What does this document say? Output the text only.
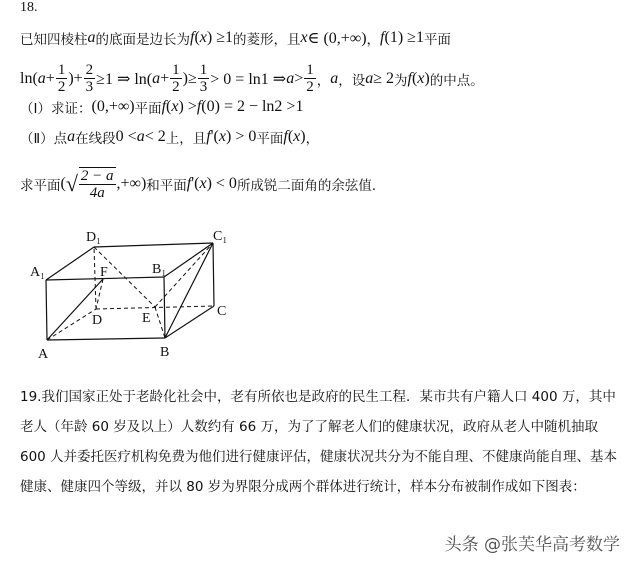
18.
已知四棱柱 a 的底面是边长为 f ( x ) ≥1 的菱形，且 x ∈ (0,+∞) ， f (1) ≥1 平面
ln( $a + \frac{1}{2}$ )+ $\frac{2}{3} \ge 1$ ⇒ ln( $a + \frac{1}{2}$ )≥ $\frac{1}{3} > 0 = \ln 1$ ⇒ $a > \frac{1}{2}$ ， a ，设 a ≥ 2 为 f ( x ) 的中点。
（Ⅰ）求证： (0,+∞) 平面 f ( x ) > f (0) = 2 − ln2 >1
（Ⅱ）点 a 在线段 0 < a < 2 上，且 f '( x ) > 0 平面 f ( x ) ，
求平面 ( √ $\frac{2 - a}{4a}$ ,+∞) 和平面 f '( x ) < 0 所成锐二面角的余弦值．
A	B
C
D
A₁	B₁
C₁
D₁
E
F
19.我们国家正处于老龄化社会中，老有所依也是政府的民生工程．某市共有户籍人口 400 万，其中老人（年龄 60 岁及以上）人数约有 66 万，为了了解老人们的健康状况，政府从老人中随机抽取 600 人并委托医疗机构免费为他们进行健康评估，健康状况共分为不能自理、不健康尚能自理、基本健康、健康四个等级，并以 80 岁为界限分成两个群体进行统计，样本分布被制作成如下图表：
头条 @张芙华高考数学
